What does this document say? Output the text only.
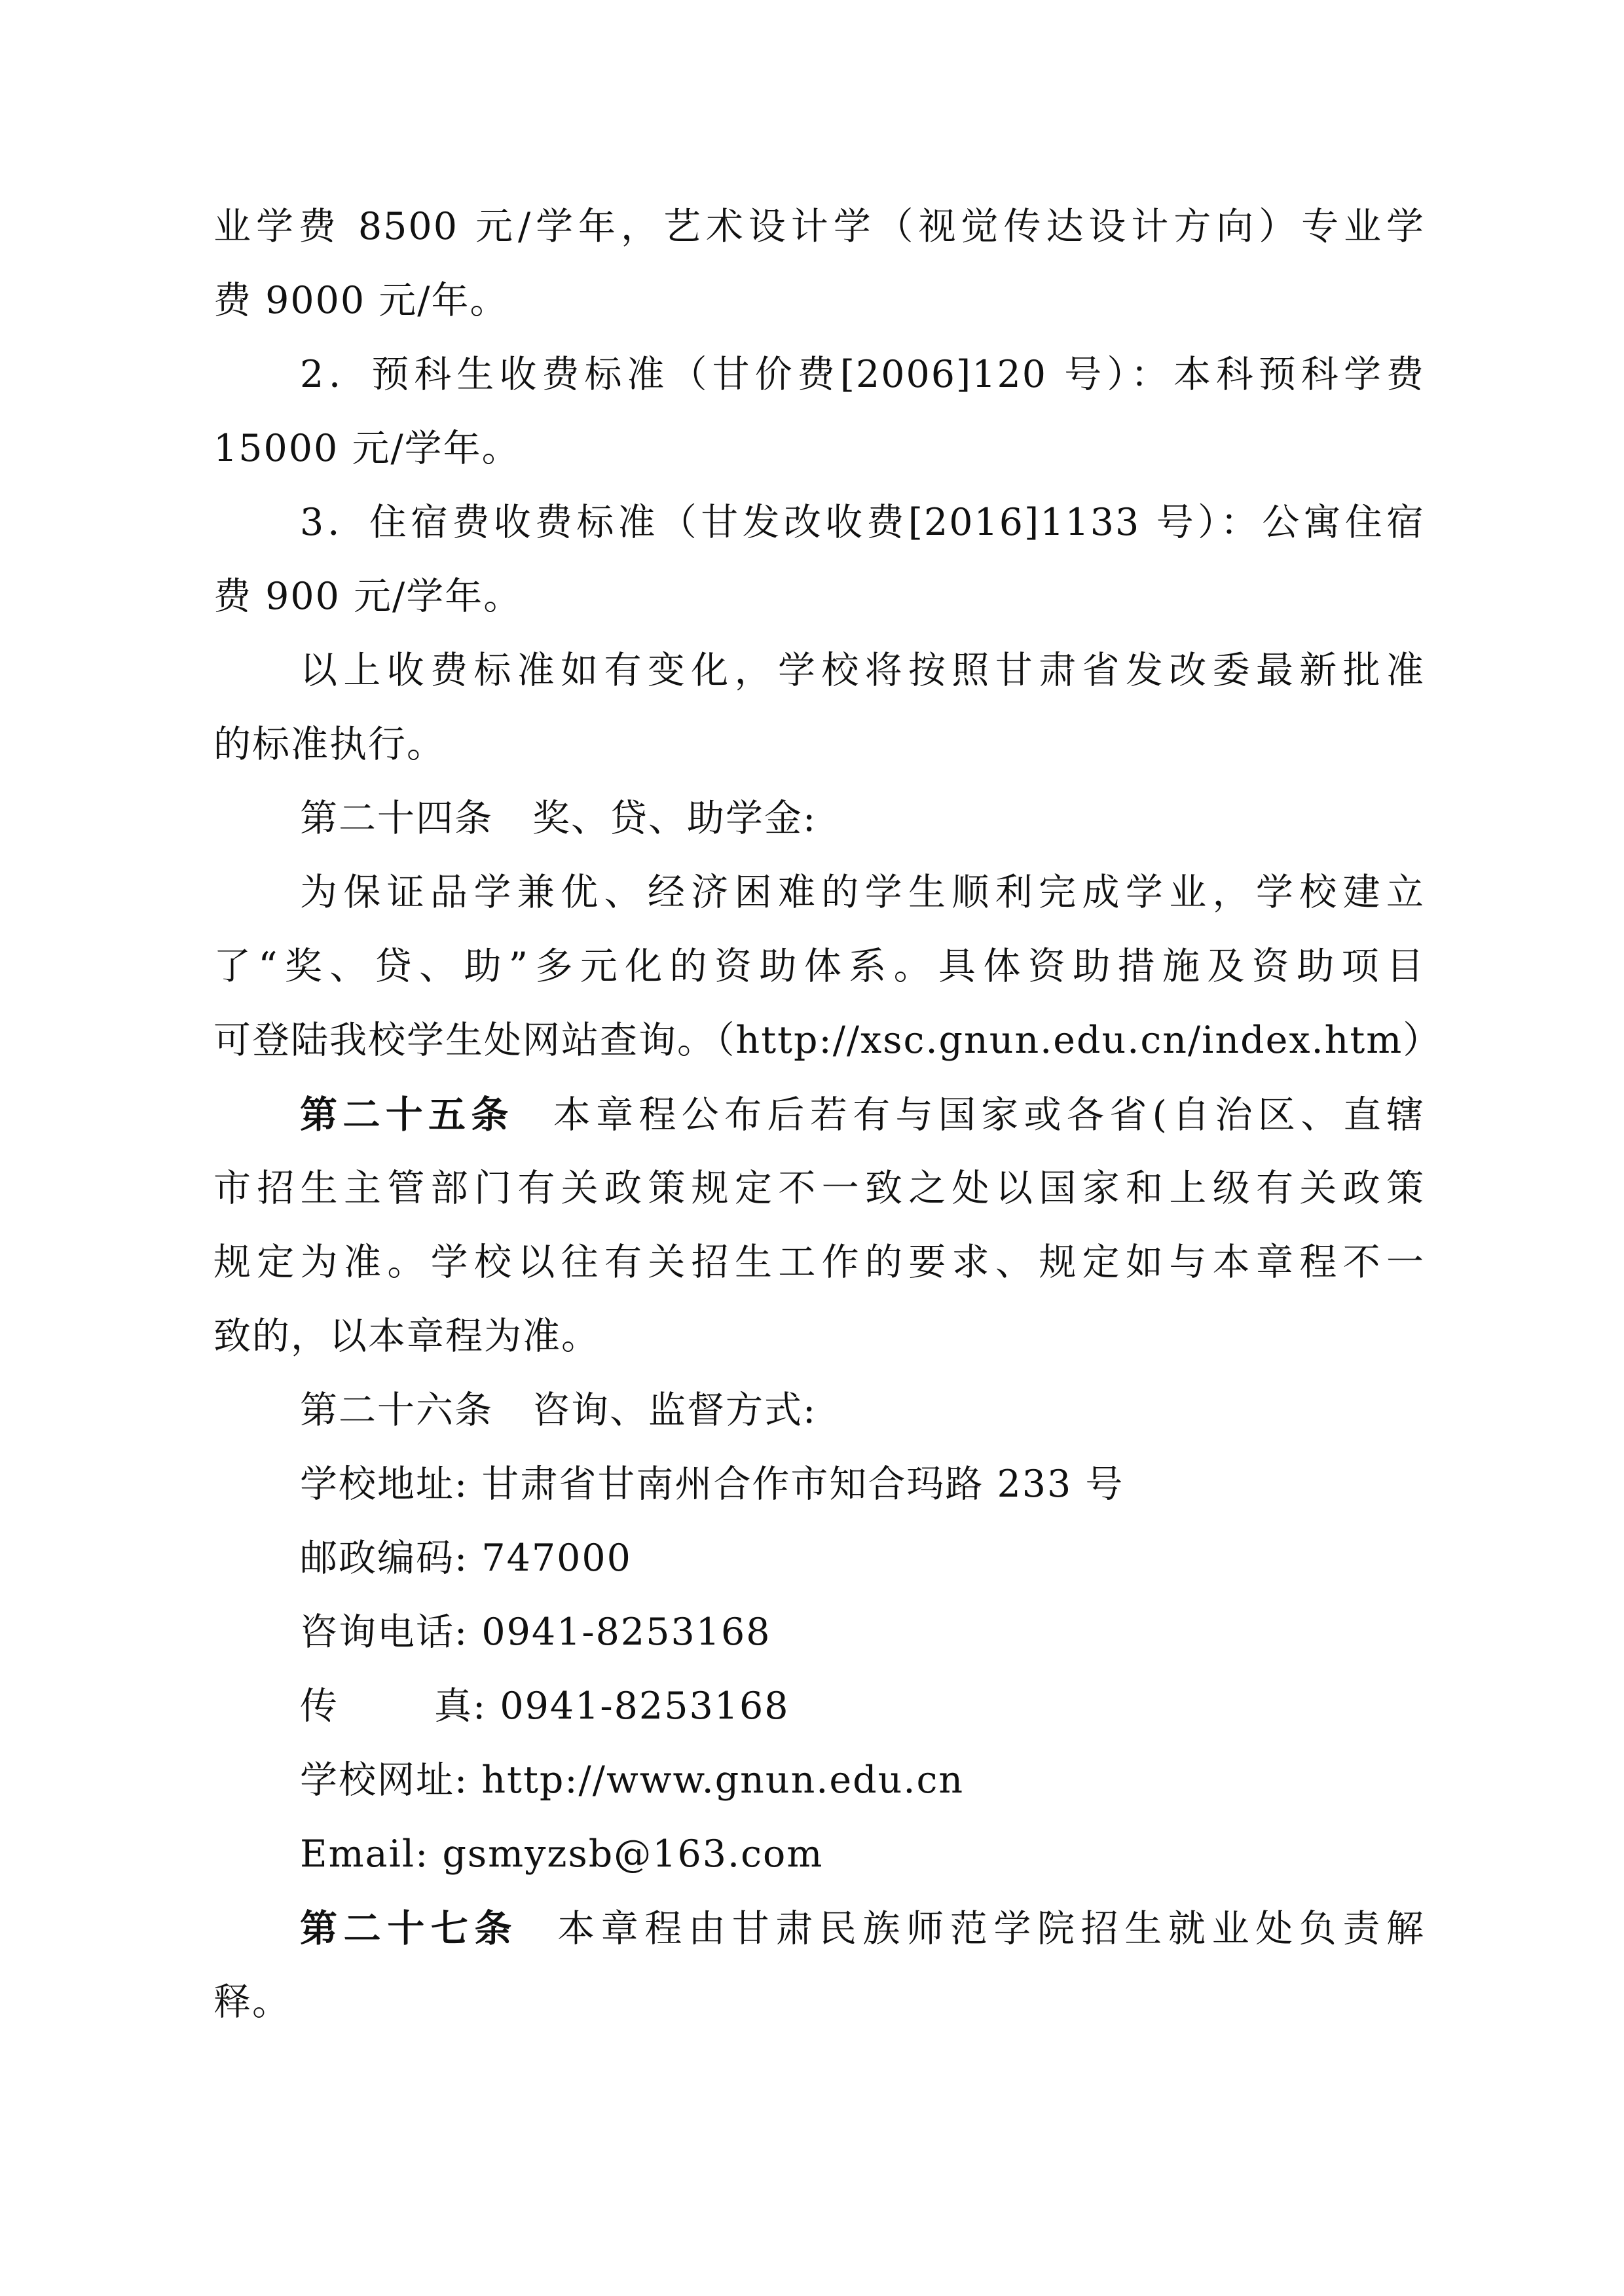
业学费 8500 元/学年，艺术设计学（视觉传达设计方向）专业学
费 9000 元/年。
2．预科生收费标准（甘价费[2006]120 号）：本科预科学费
15000 元/学年。
3．住宿费收费标准（甘发改收费[2016]1133 号）：公寓住宿
费 900 元/学年。
以上收费标准如有变化，学校将按照甘肃省发改委最新批准
的标准执行。
第二十四条 奖、贷、助学金:
为保证品学兼优、经济困难的学生顺利完成学业，学校建立
了“奖、贷、助”多元化的资助体系。具体资助措施及资助项目
可登陆我校学生处网站查询。（http://xsc.gnun.edu.cn/index.htm）
第二十五条 本章程公布后若有与国家或各省(自治区、直辖
市招生主管部门有关政策规定不一致之处以国家和上级有关政策
规定为准。学校以往有关招生工作的要求、规定如与本章程不一
致的，以本章程为准。
第二十六条 咨询、监督方式:
学校地址: 甘肃省甘南州合作市知合玛路 233 号
邮政编码: 747000
咨询电话: 0941-8253168
传	真: 0941-8253168
学校网址: http://www.gnun.edu.cn
Email: gsmyzsb@163.com
第二十七条 本章程由甘肃民族师范学院招生就业处负责解
释。
